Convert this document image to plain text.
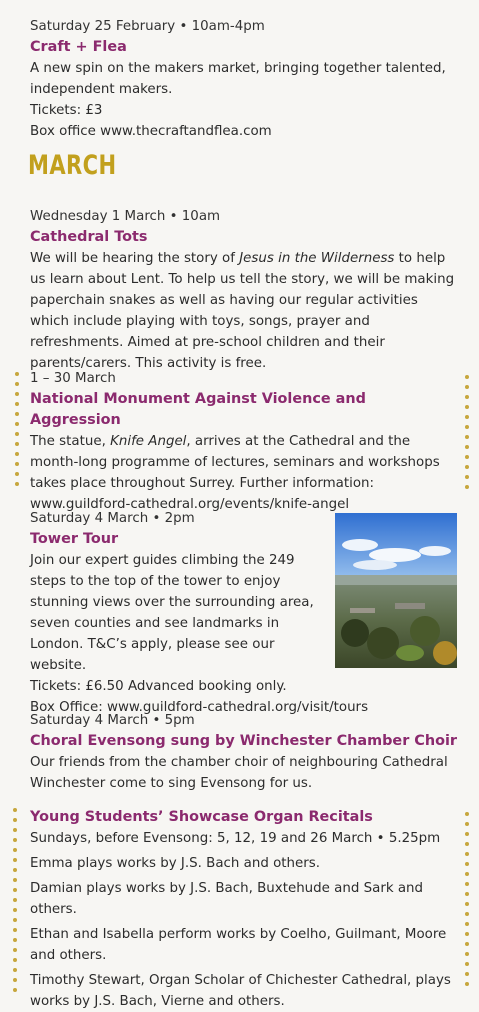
Saturday 25 February • 10am-4pm
Craft + Flea
A new spin on the makers market, bringing together talented, independent makers.
Tickets: £3
Box office www.thecraftandflea.com
MARCH
Wednesday 1 March • 10am
Cathedral Tots
We will be hearing the story of Jesus in the Wilderness to help us learn about Lent. To help us tell the story, we will be making paperchain snakes as well as having our regular activities which include playing with toys, songs, prayer and refreshments. Aimed at pre-school children and their parents/carers. This activity is free.
1 – 30 March
National Monument Against Violence and Aggression
The statue, Knife Angel, arrives at the Cathedral and the month-long programme of lectures, seminars and workshops takes place throughout Surrey. Further information: www.guildford-cathedral.org/events/knife-angel
Saturday 4 March • 2pm
Tower Tour
Join our expert guides climbing the 249 steps to the top of the tower to enjoy stunning views over the surrounding area, seven counties and see landmarks in London. T&C’s apply, please see our website.
Tickets: £6.50 Advanced booking only.
Box Office: www.guildford-cathedral.org/visit/tours
Saturday 4 March • 5pm
Choral Evensong sung by Winchester Chamber Choir
Our friends from the chamber choir of neighbouring Cathedral Winchester come to sing Evensong for us.
Young Students’ Showcase Organ Recitals
Sundays, before Evensong: 5, 12, 19 and 26 March • 5.25pm
Emma plays works by J.S. Bach and others.
Damian plays works by J.S. Bach, Buxtehude and Sark and others.
Ethan and Isabella perform works by Coelho, Guilmant, Moore and others.
Timothy Stewart, Organ Scholar of Chichester Cathedral, plays works by J.S. Bach, Vierne and others.
